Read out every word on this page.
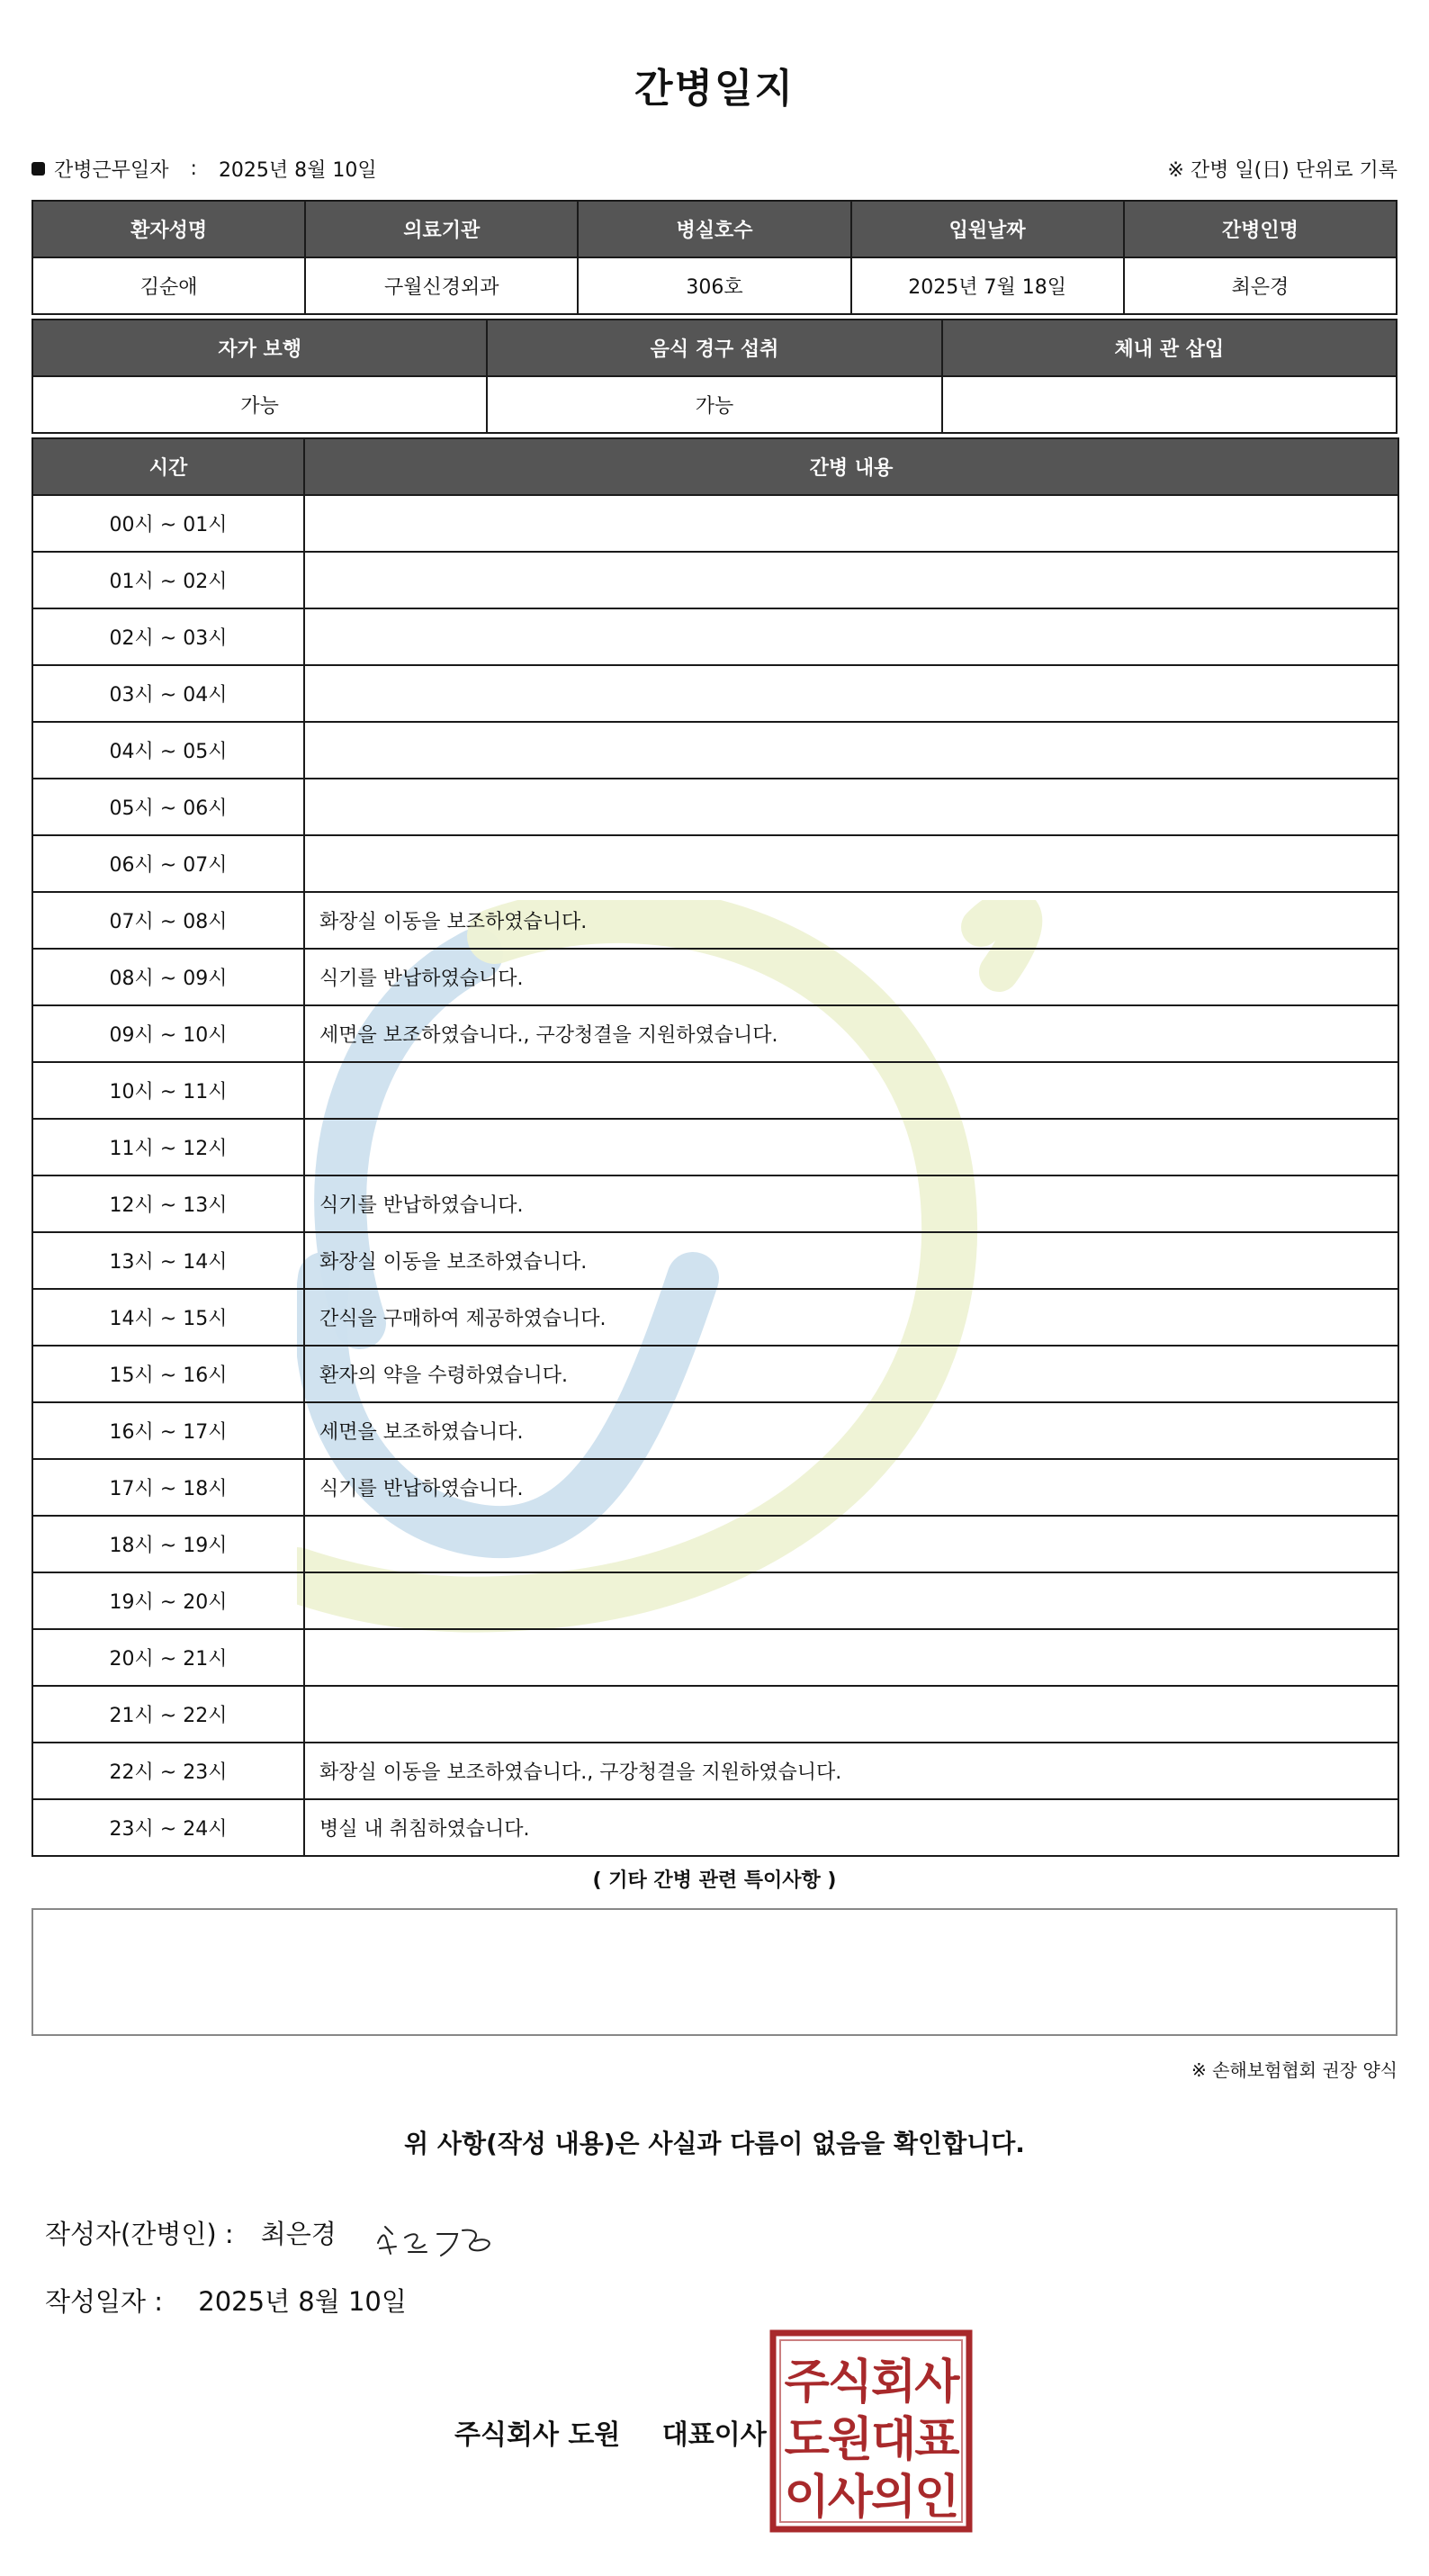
간병일지
간병근무일자 : 2025년 8월 10일	※ 간병 일(日) 단위로 기록
환자성명	의료기관	병실호수	입원날짜	간병인명
김순애	구월신경외과	306호	2025년 7월 18일	최은경
자가 보행	음식 경구 섭취	체내 관 삽입
가능	가능	
시간	간병 내용
00시 ~ 01시	
01시 ~ 02시	
02시 ~ 03시	
03시 ~ 04시	
04시 ~ 05시	
05시 ~ 06시	
06시 ~ 07시	
07시 ~ 08시	화장실 이동을 보조하였습니다.
08시 ~ 09시	식기를 반납하였습니다.
09시 ~ 10시	세면을 보조하였습니다., 구강청결을 지원하였습니다.
10시 ~ 11시	
11시 ~ 12시	
12시 ~ 13시	식기를 반납하였습니다.
13시 ~ 14시	화장실 이동을 보조하였습니다.
14시 ~ 15시	간식을 구매하여 제공하였습니다.
15시 ~ 16시	환자의 약을 수령하였습니다.
16시 ~ 17시	세면을 보조하였습니다.
17시 ~ 18시	식기를 반납하였습니다.
18시 ~ 19시	
19시 ~ 20시	
20시 ~ 21시	
21시 ~ 22시	
22시 ~ 23시	화장실 이동을 보조하였습니다., 구강청결을 지원하였습니다.
23시 ~ 24시	병실 내 취침하였습니다.
( 기타 간병 관련 특이사항 )
※ 손해보험협회 권장 양식
위 사항(작성 내용)은 사실과 다름이 없음을 확인합니다.
작성자(간병인) : 최은경
작성일자 : 2025년 8월 10일
주식회사 도원 대표이사
주식회사
도원대표
이사의인
